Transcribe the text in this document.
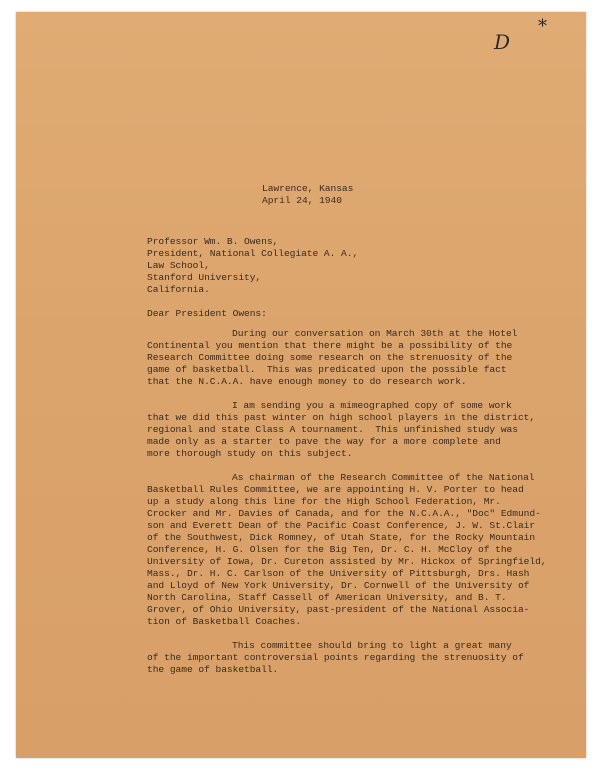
*
D
Lawrence, Kansas
April 24, 1940
Professor Wm. B. Owens,
President, National Collegiate A. A.,
Law School,
Stanford University,
California.
Dear President Owens:
During our conversation on March 30th at the Hotel
Continental you mention that there might be a possibility of the
Research Committee doing some research on the strenuosity of the
game of basketball.  This was predicated upon the possible fact
that the N.C.A.A. have enough money to do research work.
I am sending you a mimeographed copy of some work
that we did this past winter on high school players in the district,
regional and state Class A tournament.  This unfinished study was
made only as a starter to pave the way for a more complete and
more thorough study on this subject.
As chairman of the Research Committee of the National
Basketball Rules Committee, we are appointing H. V. Porter to head
up a study along this line for the High School Federation, Mr.
Crocker and Mr. Davies of Canada, and for the N.C.A.A., "Doc" Edmund-
son and Everett Dean of the Pacific Coast Conference, J. W. St.Clair
of the Southwest, Dick Romney, of Utah State, for the Rocky Mountain
Conference, H. G. Olsen for the Big Ten, Dr. C. H. McCloy of the
University of Iowa, Dr. Cureton assisted by Mr. Hickox of Springfield,
Mass., Dr. H. C. Carlson of the University of Pittsburgh, Drs. Hash
and Lloyd of New York University, Dr. Cornwell of the University of
North Carolina, Staff Cassell of American University, and B. T.
Grover, of Ohio University, past-president of the National Associa-
tion of Basketball Coaches.
This committee should bring to light a great many
of the important controversial points regarding the strenuosity of
the game of basketball.
